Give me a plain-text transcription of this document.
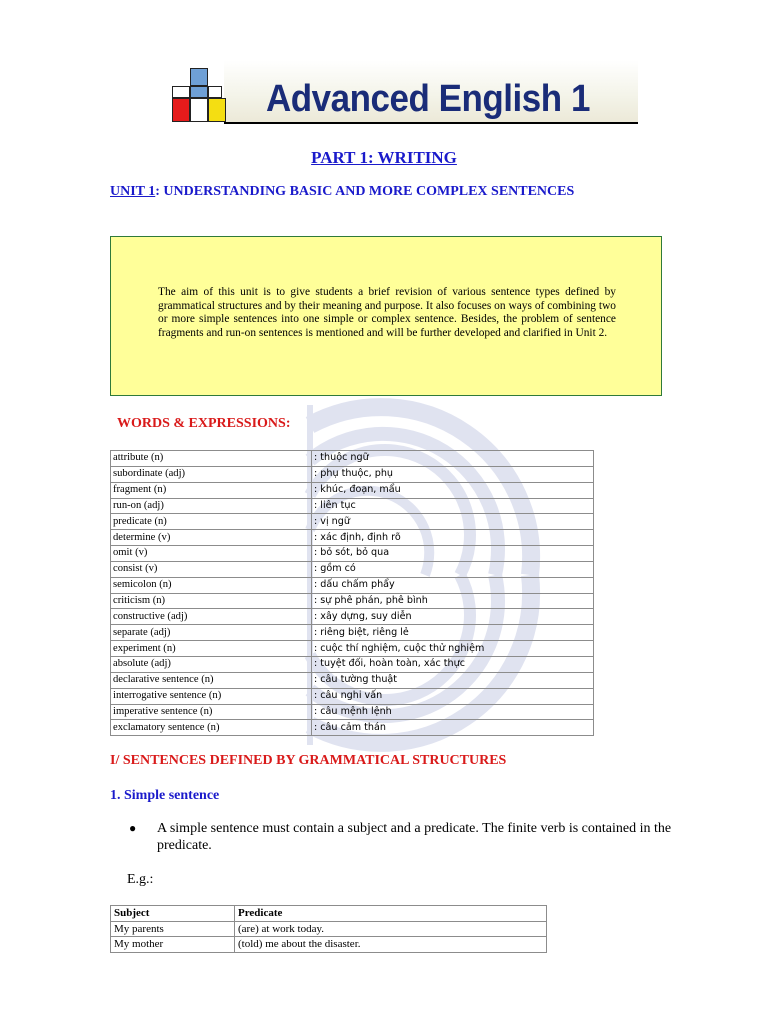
Advanced English 1
PART 1: WRITING
UNIT 1: UNDERSTANDING BASIC AND MORE COMPLEX SENTENCES

The aim of this unit is to give students a brief revision of various sentence types defined by grammatical structures and by their meaning and purpose. It also focuses on ways of combining two or more simple sentences into one simple or complex sentence. Besides, the problem of sentence fragments and run-on sentences is mentioned and will be further developed and clarified in Unit 2.

WORDS & EXPRESSIONS:
attribute (n)	: thuộc ngữ
subordinate (adj)	: phụ thuộc, phụ
fragment (n)	: khúc, đoạn, mẩu
run-on (adj)	: liên tục
predicate (n)	: vị ngữ
determine (v)	: xác định, định rõ
omit (v)	: bỏ sót, bỏ qua
consist (v)	: gồm có
semicolon (n)	: dấu chấm phẩy
criticism (n)	: sự phê phán, phê bình
constructive (adj)	: xây dựng, suy diễn
separate (adj)	: riêng biệt, riêng lẻ
experiment (n)	: cuộc thí nghiệm, cuộc thử nghiệm
absolute (adj)	: tuyệt đối, hoàn toàn, xác thực
declarative sentence (n)	: câu tường thuật
interrogative sentence (n)	: câu nghi vấn
imperative sentence (n)	: câu mệnh lệnh
exclamatory sentence (n)	: câu cảm thán
I/ SENTENCES DEFINED BY GRAMMATICAL STRUCTURES
1. Simple sentence
● A simple sentence must contain a subject and a predicate. The finite verb is contained in the predicate.
E.g.:
Subject	Predicate
My parents	(are) at work today.
My mother	(told) me about the disaster.
